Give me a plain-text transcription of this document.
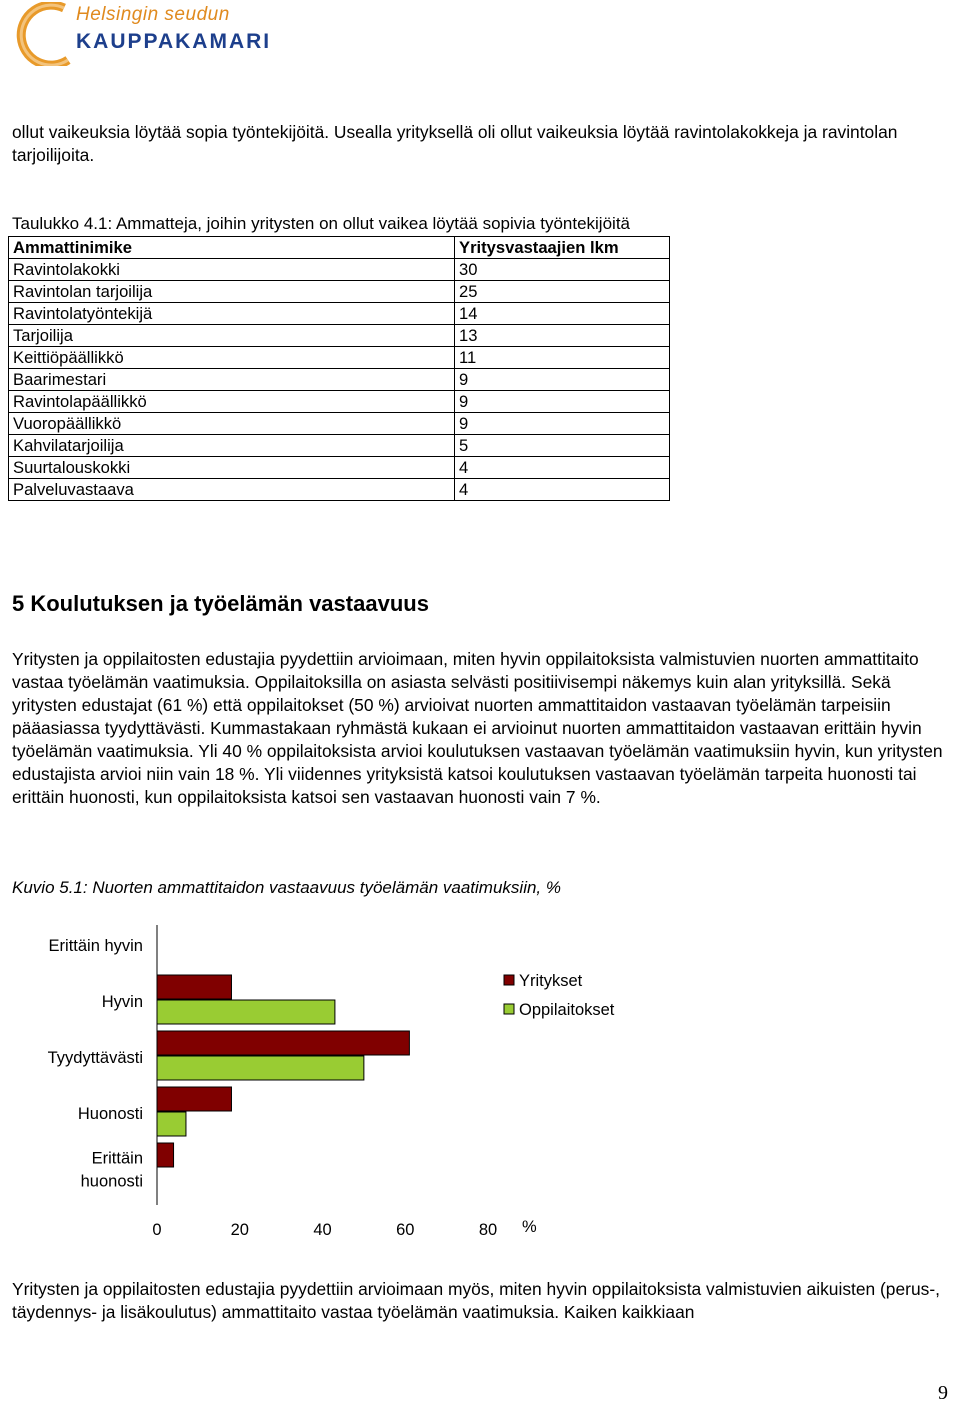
Helsingin seudun
KAUPPAKAMARI
ollut vaikeuksia löytää sopia työntekijöitä. Usealla yrityksellä oli ollut vaikeuksia löytää ravintolakokkeja ja ravintolan tarjoilijoita.
Taulukko 4.1: Ammatteja, joihin yritysten on ollut vaikea löytää sopivia työntekijöitä
Ammattinimike	Yritysvastaajien lkm
Ravintolakokki	30
Ravintolan tarjoilija	25
Ravintolatyöntekijä	14
Tarjoilija	13
Keittiöpäällikkö	11
Baarimestari	9
Ravintolapäällikkö	9
Vuoropäällikkö	9
Kahvilatarjoilija	5
Suurtalouskokki	4
Palveluvastaava	4
5 Koulutuksen ja työelämän vastaavuus
Yritysten ja oppilaitosten edustajia pyydettiin arvioimaan, miten hyvin oppilaitoksista valmistuvien nuorten ammattitaito vastaa työelämän vaatimuksia. Oppilaitoksilla on asiasta selvästi positiivisempi näkemys kuin alan yrityksillä. Sekä yritysten edustajat (61 %) että oppilaitokset (50 %) arvioivat nuorten ammattitaidon vastaavan työelämän tarpeisiin pääasiassa tyydyttävästi. Kummastakaan ryhmästä kukaan ei arvioinut nuorten ammattitaidon vastaavan erittäin hyvin työelämän vaatimuksia. Yli 40 % oppilaitoksista arvioi koulutuksen vastaavan työelämän vaatimuksiin hyvin, kun yritysten edustajista arvioi niin vain 18 %. Yli viidennes yrityksistä katsoi koulutuksen vastaavan työelämän tarpeita huonosti tai erittäin huonosti, kun oppilaitoksista katsoi sen vastaavan huonosti vain 7 %.
Kuvio 5.1: Nuorten ammattitaidon vastaavuus työelämän vaatimuksiin, %
Erittäin hyvin
Hyvin
Tyydyttävästi
Huonosti
Erittäin
huonosti
0	20	40	60	80 %
Yritykset
Oppilaitokset
Yritysten ja oppilaitosten edustajia pyydettiin arvioimaan myös, miten hyvin oppilaitoksista valmistuvien aikuisten (perus-, täydennys- ja lisäkoulutus) ammattitaito vastaa työelämän vaatimuksia. Kaiken kaikkiaan
9
